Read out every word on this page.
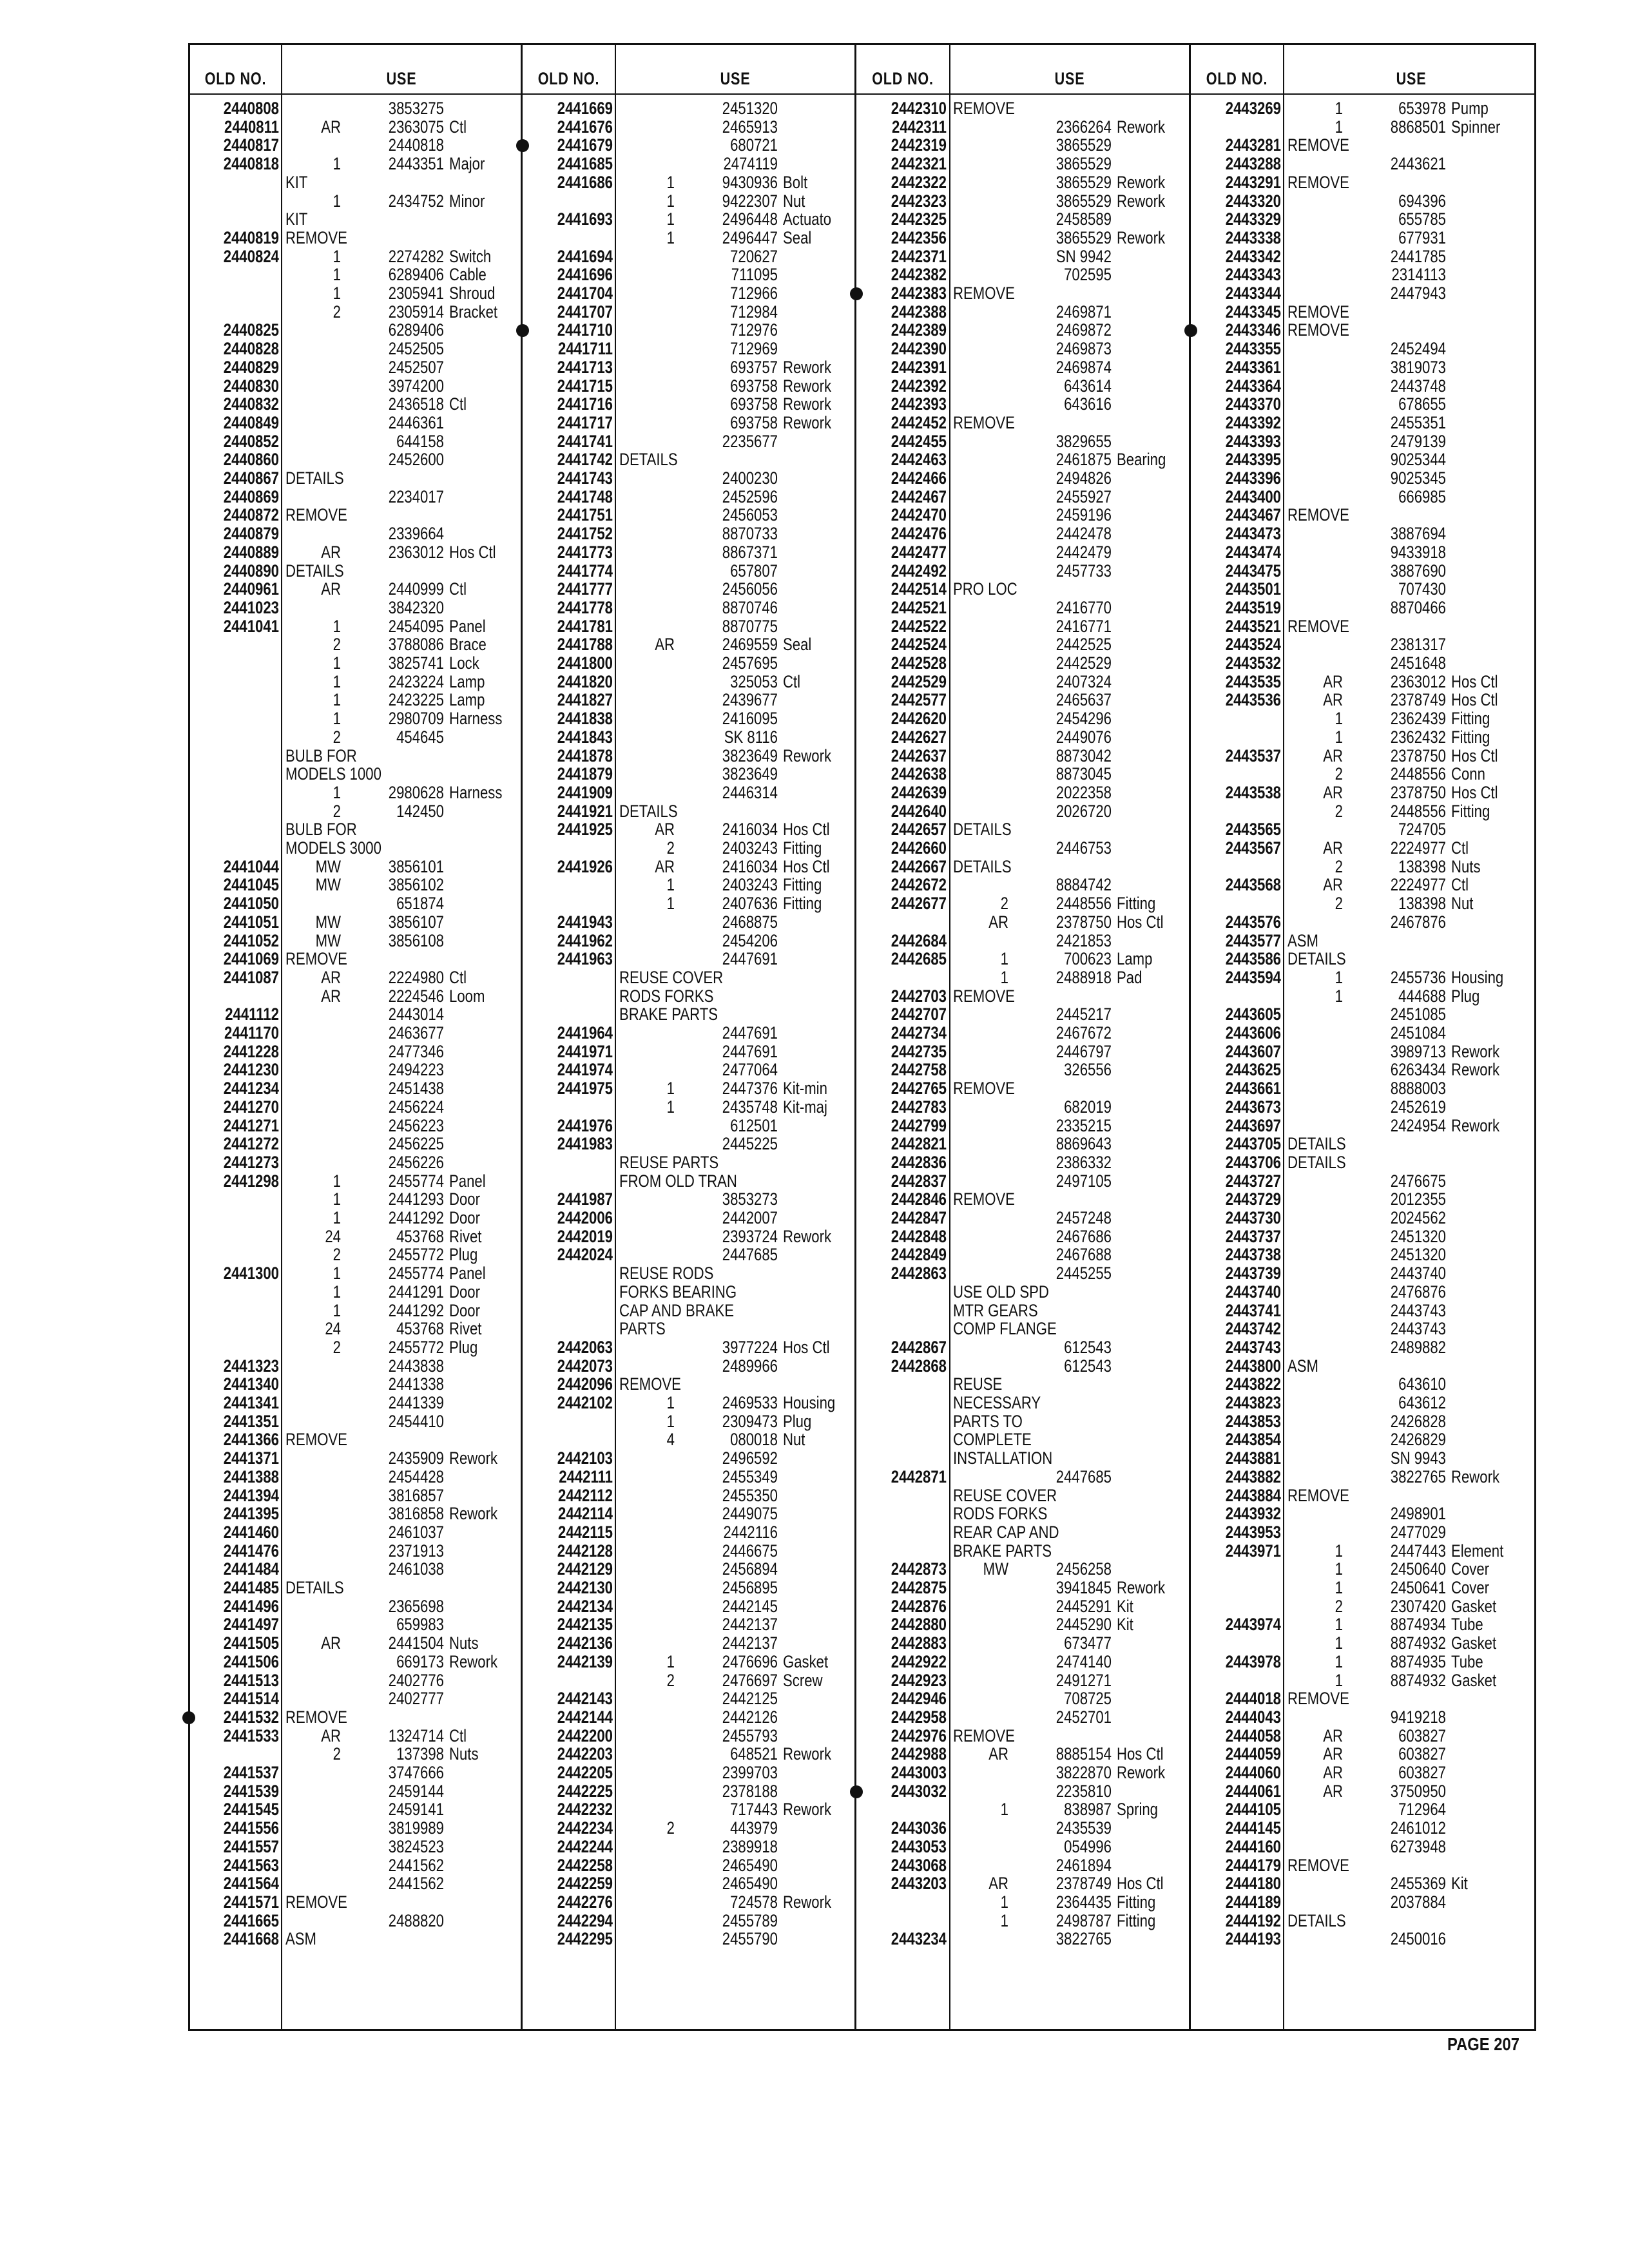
OLD NO.	USE	OLD NO.	USE	OLD NO.	USE	OLD NO.	USE
2440808	3853275
2440811	AR	2363075 Ctl
2440817	2440818
2440818	1	2443351 Major
KIT
1	2434752 Minor
KIT
2440819 REMOVE
2440824	1	2274282 Switch
1	6289406 Cable
1	2305941 Shroud
2	2305914 Bracket
2440825	6289406
2440828	2452505
2440829	2452507
2440830	3974200
2440832	2436518 Ctl
2440849	2446361
2440852	644158
2440860	2452600
2440867 DETAILS
2440869	2234017
2440872 REMOVE
2440879	2339664
2440889	AR	2363012 Hos Ctl
2440890 DETAILS
2440961	AR	2440999 Ctl
2441023	3842320
2441041	1	2454095 Panel
2	3788086 Brace
1	3825741 Lock
1	2423224 Lamp
1	2423225 Lamp
1	2980709 Harness
2	454645
BULB FOR
MODELS 1000
1	2980628 Harness
2	142450
BULB FOR
MODELS 3000
2441044	MW	3856101
2441045	MW	3856102
2441050	651874
2441051	MW	3856107
2441052	MW	3856108
2441069 REMOVE
2441087	AR	2224980 Ctl
AR	2224546 Loom
2441112	2443014
2441170	2463677
2441228	2477346
2441230	2494223
2441234	2451438
2441270	2456224
2441271	2456223
2441272	2456225
2441273	2456226
2441298	1	2455774 Panel
1	2441293 Door
1	2441292 Door
24	453768 Rivet
2	2455772 Plug
2441300	1	2455774 Panel
1	2441291 Door
1	2441292 Door
24	453768 Rivet
2	2455772 Plug
2441323	2443838
2441340	2441338
2441341	2441339
2441351	2454410
2441366 REMOVE
2441371	2435909 Rework
2441388	2454428
2441394	3816857
2441395	3816858 Rework
2441460	2461037
2441476	2371913
2441484	2461038
2441485 DETAILS
2441496	2365698
2441497	659983
2441505	AR	2441504 Nuts
2441506	669173 Rework
2441513	2402776
2441514	2402777
2441532 REMOVE
2441533	AR	1324714 Ctl
2	137398 Nuts
2441537	3747666
2441539	2459144
2441545	2459141
2441556	3819989
2441557	3824523
2441563	2441562
2441564	2441562
2441571 REMOVE
2441665	2488820
2441668 ASM
2441669	2451320
2441676	2465913
2441679	680721
2441685	2474119
2441686	1	9430936 Bolt
1	9422307 Nut
2441693	1	2496448 Actuato
1	2496447 Seal
2441694	720627
2441696	711095
2441704	712966
2441707	712984
2441710	712976
2441711	712969
2441713	693757 Rework
2441715	693758 Rework
2441716	693758 Rework
2441717	693758 Rework
2441741	2235677
2441742 DETAILS
2441743	2400230
2441748	2452596
2441751	2456053
2441752	8870733
2441773	8867371
2441774	657807
2441777	2456056
2441778	8870746
2441781	8870775
2441788	AR	2469559 Seal
2441800	2457695
2441820	325053 Ctl
2441827	2439677
2441838	2416095
2441843	SK 8116
2441878	3823649 Rework
2441879	3823649
2441909	2446314
2441921 DETAILS
2441925	AR	2416034 Hos Ctl
2	2403243 Fitting
2441926	AR	2416034 Hos Ctl
1	2403243 Fitting
1	2407636 Fitting
2441943	2468875
2441962	2454206
2441963	2447691
REUSE COVER
RODS FORKS
BRAKE PARTS
2441964	2447691
2441971	2447691
2441974	2477064
2441975	1	2447376 Kit-min
1	2435748 Kit-maj
2441976	612501
2441983	2445225
REUSE PARTS
FROM OLD TRAN
2441987	3853273
2442006	2442007
2442019	2393724 Rework
2442024	2447685
REUSE RODS
FORKS BEARING
CAP AND BRAKE
PARTS
2442063	3977224 Hos Ctl
2442073	2489966
2442096 REMOVE
2442102	1	2469533 Housing
1	2309473 Plug
4	080018 Nut
2442103	2496592
2442111	2455349
2442112	2455350
2442114	2449075
2442115	2442116
2442128	2446675
2442129	2456894
2442130	2456895
2442134	2442145
2442135	2442137
2442136	2442137
2442139	1	2476696 Gasket
2	2476697 Screw
2442143	2442125
2442144	2442126
2442200	2455793
2442203	648521 Rework
2442205	2399703
2442225	2378188
2442232	717443 Rework
2442234	2	443979
2442244	2389918
2442258	2465490
2442259	2465490
2442276	724578 Rework
2442294	2455789
2442295	2455790
2442310 REMOVE
2442311	2366264 Rework
2442319	3865529
2442321	3865529
2442322	3865529 Rework
2442323	3865529 Rework
2442325	2458589
2442356	3865529 Rework
2442371	SN 9942
2442382	702595
2442383 REMOVE
2442388	2469871
2442389	2469872
2442390	2469873
2442391	2469874
2442392	643614
2442393	643616
2442452 REMOVE
2442455	3829655
2442463	2461875 Bearing
2442466	2494826
2442467	2455927
2442470	2459196
2442476	2442478
2442477	2442479
2442492	2457733
2442514 PRO LOC
2442521	2416770
2442522	2416771
2442524	2442525
2442528	2442529
2442529	2407324
2442577	2465637
2442620	2454296
2442627	2449076
2442637	8873042
2442638	8873045
2442639	2022358
2442640	2026720
2442657 DETAILS
2442660	2446753
2442667 DETAILS
2442672	8884742
2442677	2	2448556 Fitting
AR	2378750 Hos Ctl
2442684	2421853
2442685	1	700623 Lamp
1	2488918 Pad
2442703 REMOVE
2442707	2445217
2442734	2467672
2442735	2446797
2442758	326556
2442765 REMOVE
2442783	682019
2442799	2335215
2442821	8869643
2442836	2386332
2442837	2497105
2442846 REMOVE
2442847	2457248
2442848	2467686
2442849	2467688
2442863	2445255
USE OLD SPD
MTR GEARS
COMP FLANGE
2442867	612543
2442868	612543
REUSE
NECESSARY
PARTS TO
COMPLETE
INSTALLATION
2442871	2447685
REUSE COVER
RODS FORKS
REAR CAP AND
BRAKE PARTS
2442873	MW	2456258
2442875	3941845 Rework
2442876	2445291 Kit
2442880	2445290 Kit
2442883	673477
2442922	2474140
2442923	2491271
2442946	708725
2442958	2452701
2442976 REMOVE
2442988	AR	8885154 Hos Ctl
2443003	3822870 Rework
2443032	2235810
1	838987 Spring
2443036	2435539
2443053	054996
2443068	2461894
2443203	AR	2378749 Hos Ctl
1	2364435 Fitting
1	2498787 Fitting
2443234	3822765
2443269	1	653978 Pump
1	8868501 Spinner
2443281 REMOVE
2443288	2443621
2443291 REMOVE
2443320	694396
2443329	655785
2443338	677931
2443342	2441785
2443343	2314113
2443344	2447943
2443345 REMOVE
2443346 REMOVE
2443355	2452494
2443361	3819073
2443364	2443748
2443370	678655
2443392	2455351
2443393	2479139
2443395	9025344
2443396	9025345
2443400	666985
2443467 REMOVE
2443473	3887694
2443474	9433918
2443475	3887690
2443501	707430
2443519	8870466
2443521 REMOVE
2443524	2381317
2443532	2451648
2443535	AR	2363012 Hos Ctl
2443536	AR	2378749 Hos Ctl
1	2362439 Fitting
1	2362432 Fitting
2443537	AR	2378750 Hos Ctl
2	2448556 Conn
2443538	AR	2378750 Hos Ctl
2	2448556 Fitting
2443565	724705
2443567	AR	2224977 Ctl
2	138398 Nuts
2443568	AR	2224977 Ctl
2	138398 Nut
2443576	2467876
2443577 ASM
2443586 DETAILS
2443594	1	2455736 Housing
1	444688 Plug
2443605	2451085
2443606	2451084
2443607	3989713 Rework
2443625	6263434 Rework
2443661	8888003
2443673	2452619
2443697	2424954 Rework
2443705 DETAILS
2443706 DETAILS
2443727	2476675
2443729	2012355
2443730	2024562
2443737	2451320
2443738	2451320
2443739	2443740
2443740	2476876
2443741	2443743
2443742	2443743
2443743	2489882
2443800 ASM
2443822	643610
2443823	643612
2443853	2426828
2443854	2426829
2443881	SN 9943
2443882	3822765 Rework
2443884 REMOVE
2443932	2498901
2443953	2477029
2443971	1	2447443 Element
1	2450640 Cover
1	2450641 Cover
2	2307420 Gasket
2443974	1	8874934 Tube
1	8874932 Gasket
2443978	1	8874935 Tube
1	8874932 Gasket
2444018 REMOVE
2444043	9419218
2444058	AR	603827
2444059	AR	603827
2444060	AR	603827
2444061	AR	3750950
2444105	712964
2444145	2461012
2444160	6273948
2444179 REMOVE
2444180	2455369 Kit
2444189	2037884
2444192 DETAILS
2444193	2450016
PAGE 207
